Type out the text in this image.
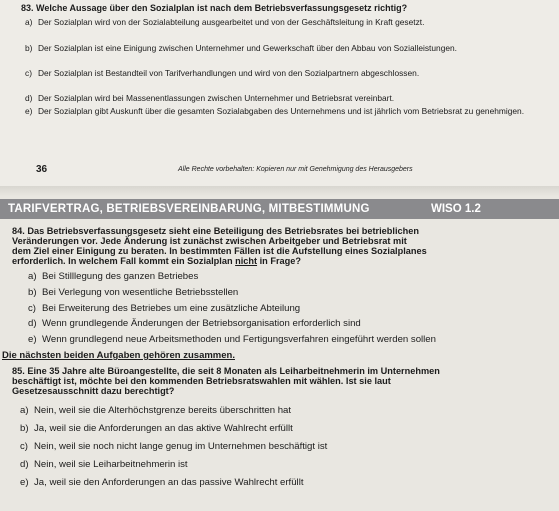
83. Welche Aussage über den Sozialplan ist nach dem Betriebsverfassungsgesetz richtig?
a) Der Sozialplan wird von der Sozialabteilung ausgearbeitet und von der Geschäftsleitung in Kraft gesetzt.
b) Der Sozialplan ist eine Einigung zwischen Unternehmer und Gewerkschaft über den Abbau von Sozialleistungen.
c) Der Sozialplan ist Bestandteil von Tarifverhandlungen und wird von den Sozialpartnern abgeschlossen.
d) Der Sozialplan wird bei Massenentlassungen zwischen Unternehmer und Betriebsrat vereinbart.
e) Der Sozialplan gibt Auskunft über die gesamten Sozialabgaben des Unternehmens und ist jährlich vom Betriebsrat zu genehmigen.
36	Alle Rechte vorbehalten: Kopieren nur mit Genehmigung des Herausgebers
TARIFVERTRAG, BETRIEBSVEREINBARUNG, MITBESTIMMUNG	WISO 1.2
84. Das Betriebsverfassungsgesetz sieht eine Beteiligung des Betriebsrates bei betrieblichen
Veränderungen vor. Jede Änderung ist zunächst zwischen Arbeitgeber und Betriebsrat mit
dem Ziel einer Einigung zu beraten. In bestimmten Fällen ist die Aufstellung eines Sozialplanes
erforderlich. In welchem Fall kommt ein Sozialplan nicht in Frage?
a) Bei Stilllegung des ganzen Betriebes
b) Bei Verlegung von wesentliche Betriebsstellen
c) Bei Erweiterung des Betriebes um eine zusätzliche Abteilung
d) Wenn grundlegende Änderungen der Betriebsorganisation erforderlich sind
e) Wenn grundlegend neue Arbeitsmethoden und Fertigungsverfahren eingeführt werden sollen
Die nächsten beiden Aufgaben gehören zusammen.
85. Eine 35 Jahre alte Büroangestellte, die seit 8 Monaten als Leiharbeitnehmerin im Unternehmen
beschäftigt ist, möchte bei den kommenden Betriebsratswahlen mit wählen. Ist sie laut
Gesetzesausschnitt dazu berechtigt?
a) Nein, weil sie die Alterhöchstgrenze bereits überschritten hat
b) Ja, weil sie die Anforderungen an das aktive Wahlrecht erfüllt
c) Nein, weil sie noch nicht lange genug im Unternehmen beschäftigt ist
d) Nein, weil sie Leiharbeitnehmerin ist
e) Ja, weil sie den Anforderungen an das passive Wahlrecht erfüllt
